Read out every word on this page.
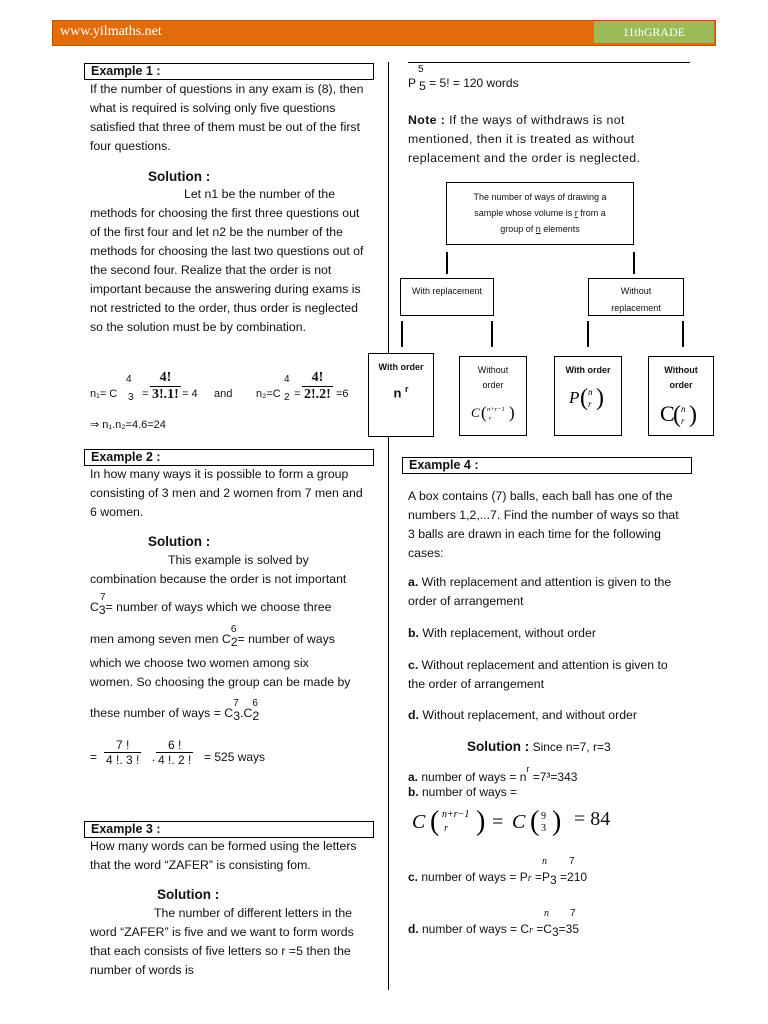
www.yilmaths.net	11thGRADE
Example 1 :
If the number of questions in any exam is (8), then what is required is solving only five questions satisfied that three of them must be out of the first four questions.
Solution :
Let n1 be the number of the methods for choosing the first three questions out of the first four and let n2 be the number of the methods for choosing the last two questions out of the second four. Realize that the order is not important because the answering during exams is not restricted to the order, thus order is neglected so the solution must be by combination.
n₁= C
4
$3 = \frac{4!}{3!.1!} = 4$ and n₂=C
4
$2 = \frac{4!}{2!.2!} =6$
⇒ n₁.n₂=4.6=24
Example 2 :
In how many ways it is possible to form a group consisting of 3 men and 2 women from 7 men and 6 women.
Solution :
This example is solved by
combination because the order is not important
C
7
3= number of ways which we choose three
men among seven men C
6
2= number of ways
which we choose two women among six
women. So choosing the group can be made by
these number of ways = C
7
3.C
6
2
= $\frac{7 !}{4 !. 3 !}$ . $\frac{6 !}{4 !. 2 !} = 525$ ways
Example 3 :
How many words can be formed using the letters that the word “ZAFER” is consisting fom.
Solution :
The number of different letters in the word “ZAFER” is five and we want to form words that each consists of five letters so r =5 then the number of words is
5
P 5 = 5! = 120 words
Note : If the ways of withdraws is not mentioned, then it is treated as without replacement and the order is neglected.
The number of ways of drawing a
sample whose volume is r from a
group of n elements
With replacement	Without replacement
With order
n $^r$
Without order
C ( n+r−1
r )
With order
P ( n
r )
Without order
C
( n
r )
Example 4 :
A box contains (7) balls, each ball has one of the numbers 1,2,...7. Find the number of ways so that 3 balls are drawn in each time for the following cases:
a. With replacement and attention is given to the order of arrangement
b. With replacement, without order
c. Without replacement and attention is given to the order of arrangement
d. Without replacement, and without order
Solution : Since n=7, r=3
a. number of ways = $n^r =7^3=343$
b. number of ways =
C ( n+r−1
r ) = C ( 9
3 ) = 84
n 7
c. number of ways = Pr =P3 =210
n 7
d. number of ways = Cr =C3=35
